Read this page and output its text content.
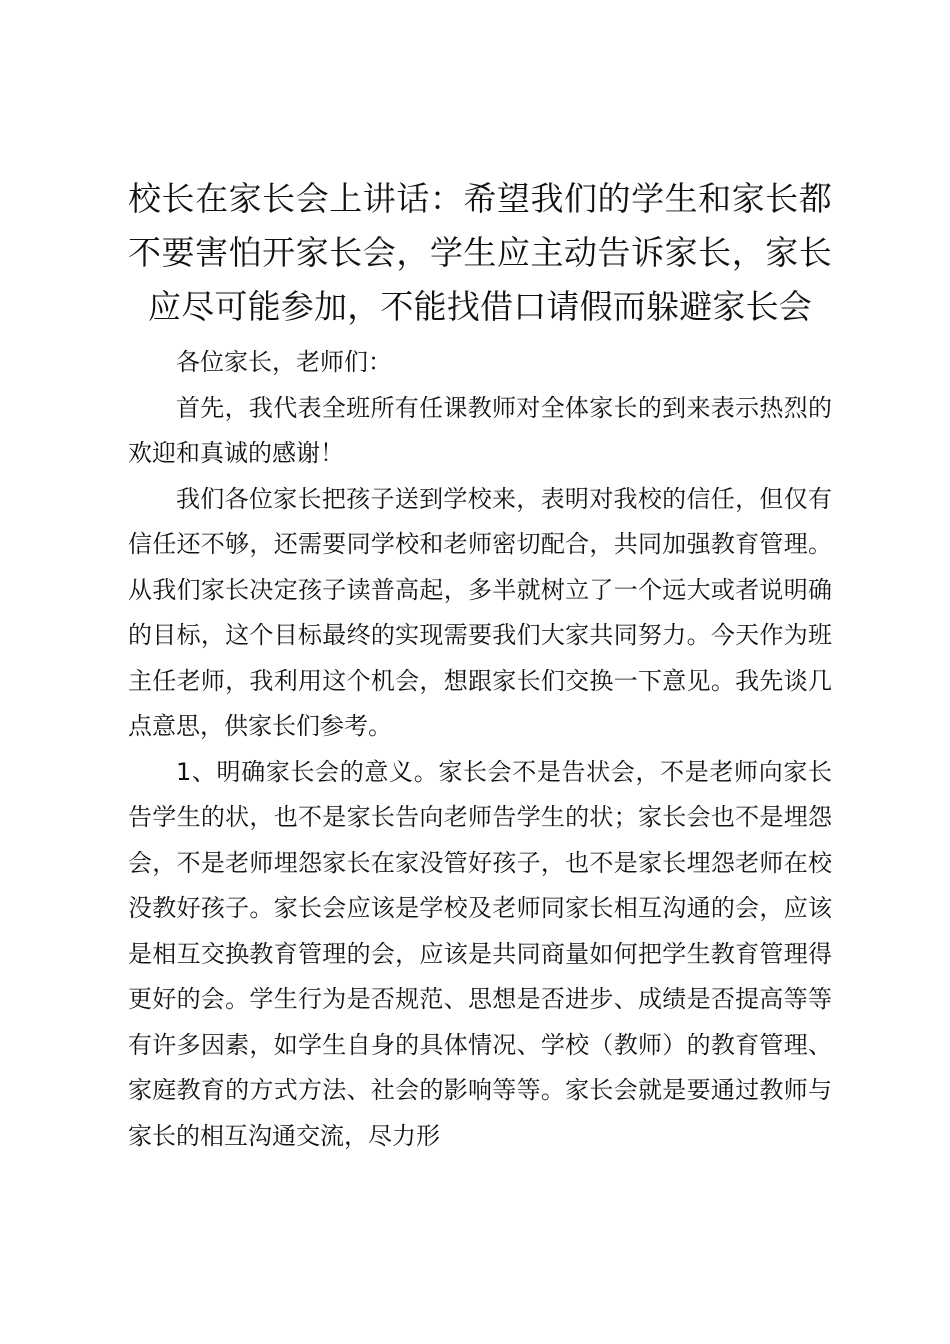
校长在家长会上讲话：希望我们的学生和家长都不要害怕开家长会，学生应主动告诉家长，家长应尽可能参加，不能找借口请假而躲避家长会

各位家长，老师们：

首先，我代表全班所有任课教师对全体家长的到来表示热烈的欢迎和真诚的感谢！

我们各位家长把孩子送到学校来，表明对我校的信任，但仅有信任还不够，还需要同学校和老师密切配合，共同加强教育管理。从我们家长决定孩子读普高起，多半就树立了一个远大或者说明确的目标，这个目标最终的实现需要我们大家共同努力。今天作为班主任老师，我利用这个机会，想跟家长们交换一下意见。我先谈几点意思，供家长们参考。

1、明确家长会的意义。家长会不是告状会，不是老师向家长告学生的状，也不是家长告向老师告学生的状；家长会也不是埋怨会，不是老师埋怨家长在家没管好孩子，也不是家长埋怨老师在校没教好孩子。家长会应该是学校及老师同家长相互沟通的会，应该是相互交换教育管理的会，应该是共同商量如何把学生教育管理得更好的会。学生行为是否规范、思想是否进步、成绩是否提高等等有许多因素，如学生自身的具体情况、学校（教师）的教育管理、家庭教育的方式方法、社会的影响等等。家长会就是要通过教师与家长的相互沟通交流，尽力形
